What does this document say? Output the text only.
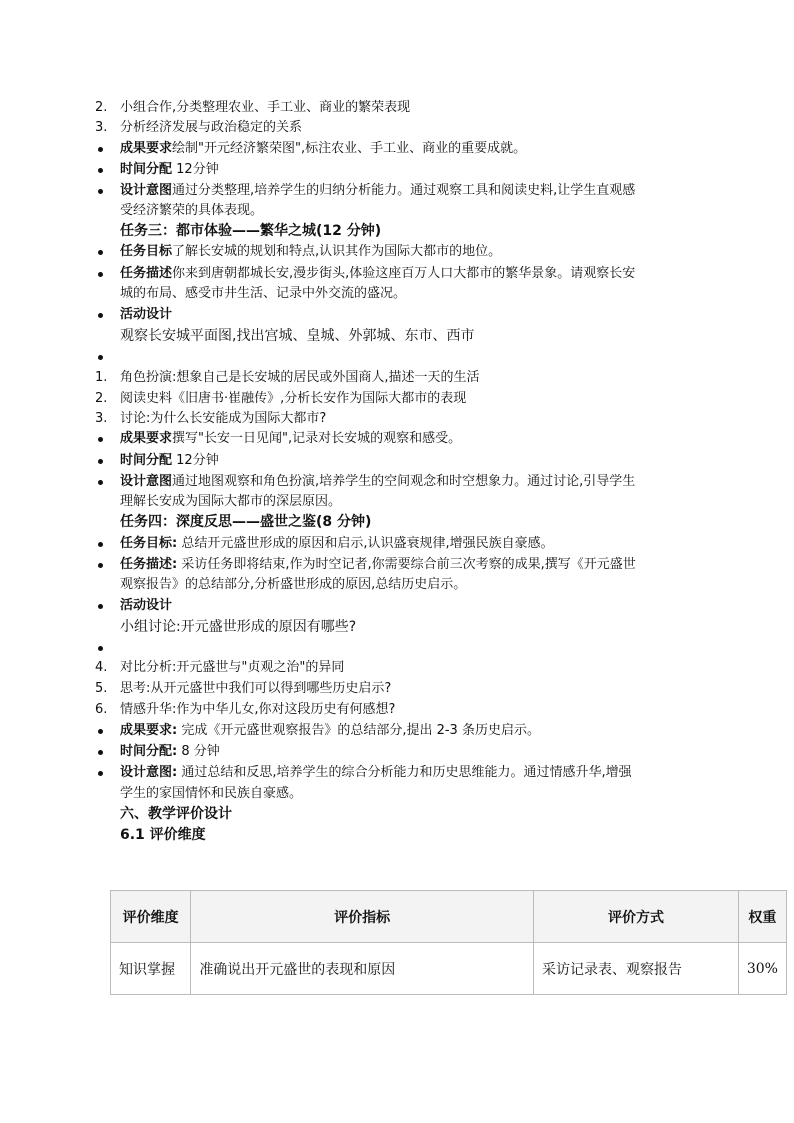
2. 小组合作,分类整理农业、手工业、商业的繁荣表现
3. 分析经济发展与政治稳定的关系
成果要求绘制"开元经济繁荣图",标注农业、手工业、商业的重要成就。
时间分配 12分钟
设计意图通过分类整理,培养学生的归纳分析能力。通过观察工具和阅读史料,让学生直观感
受经济繁荣的具体表现。
任务三：都市体验——繁华之城(12 分钟)
任务目标了解长安城的规划和特点,认识其作为国际大都市的地位。
任务描述你来到唐朝都城长安,漫步街头,体验这座百万人口大都市的繁华景象。请观察长安
城的布局、感受市井生活、记录中外交流的盛况。
活动设计
观察长安城平面图,找出宫城、皇城、外郭城、东市、西市
1. 角色扮演:想象自己是长安城的居民或外国商人,描述一天的生活
2. 阅读史料《旧唐书·崔融传》,分析长安作为国际大都市的表现
3. 讨论:为什么长安能成为国际大都市?
成果要求撰写"长安一日见闻",记录对长安城的观察和感受。
时间分配 12分钟
设计意图通过地图观察和角色扮演,培养学生的空间观念和时空想象力。通过讨论,引导学生
理解长安成为国际大都市的深层原因。
任务四：深度反思——盛世之鉴(8 分钟)
任务目标: 总结开元盛世形成的原因和启示,认识盛衰规律,增强民族自豪感。
任务描述: 采访任务即将结束,作为时空记者,你需要综合前三次考察的成果,撰写《开元盛世
观察报告》的总结部分,分析盛世形成的原因,总结历史启示。
活动设计
小组讨论:开元盛世形成的原因有哪些?
4. 对比分析:开元盛世与"贞观之治"的异同
5. 思考:从开元盛世中我们可以得到哪些历史启示?
6. 情感升华:作为中华儿女,你对这段历史有何感想?
成果要求: 完成《开元盛世观察报告》的总结部分,提出 2-3 条历史启示。
时间分配: 8 分钟
设计意图: 通过总结和反思,培养学生的综合分析能力和历史思维能力。通过情感升华,增强
学生的家国情怀和民族自豪感。
六、教学评价设计
6.1 评价维度
评价维度	评价指标	评价方式	权重
知识掌握	准确说出开元盛世的表现和原因	采访记录表、观察报告	30%
